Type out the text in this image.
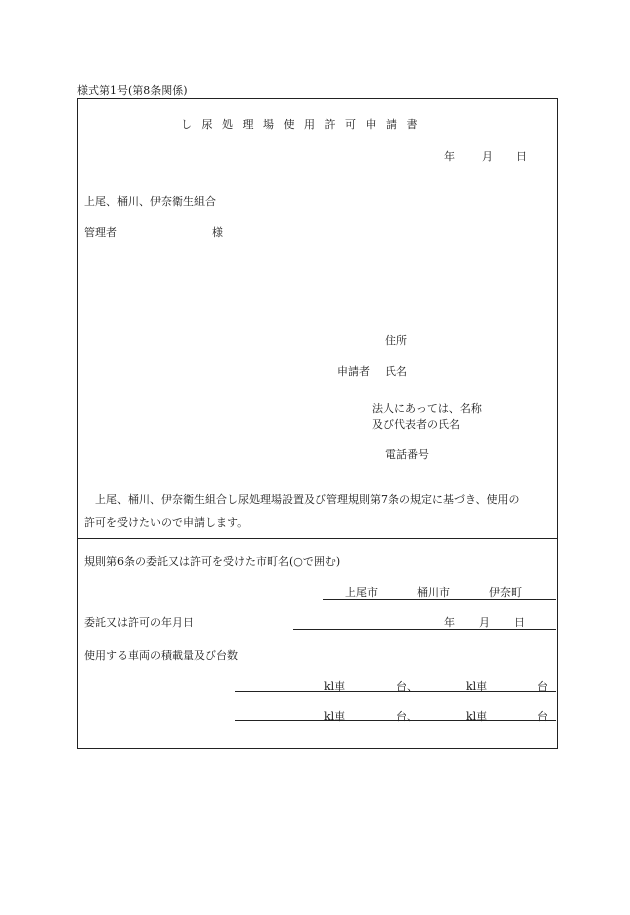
様式第1号(第8条関係)
し尿処理場使用許可申請書
年 月 日
上尾、桶川、伊奈衛生組合
管理者	様
住所
申請者 氏名
法人にあっては、名称
及び代表者の氏名
電話番号
上尾、桶川、伊奈衛生組合し尿処理場設置及び管理規則第7条の規定に基づき、使用の
許可を受けたいので申請します。
規則第6条の委託又は許可を受けた市町名(○で囲む)
上尾市	桶川市	伊奈町
委託又は許可の年月日	年 月 日
使用する車両の積載量及び台数
kl車	台、	kl車	台
kl車	台、	kl車	台
